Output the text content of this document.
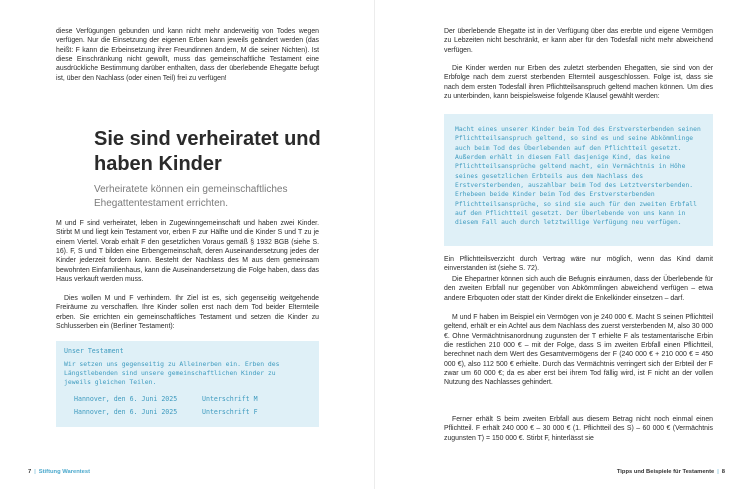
diese Verfügungen gebunden und kann nicht mehr anderweitig von Todes wegen verfügen. Nur die Einsetzung der eigenen Erben kann jeweils geändert werden (das heißt: F kann die Erbeinsetzung ihrer Freundinnen ändern, M die seiner Nichten). Ist diese Einschränkung nicht gewollt, muss das gemeinschaftliche Testament eine ausdrückliche Bestimmung darüber enthalten, dass der überlebende Ehegatte befugt ist, über den Nachlass (oder einen Teil) frei zu verfügen!

Sie sind verheiratet und haben Kinder

Verheiratete können ein gemeinschaftliches Ehegattentestament errichten.

M und F sind verheiratet, leben in Zugewinngemeinschaft und haben zwei Kinder. Stirbt M und liegt kein Testament vor, erben F zur Hälfte und die Kinder S und T zu je einem Viertel. Vorab erhält F den gesetzlichen Voraus gemäß § 1932 BGB (siehe S. 16). F, S und T bilden eine Erbengemeinschaft, deren Auseinandersetzung jedes der Kinder jederzeit fordern kann. Besteht der Nachlass des M aus dem gemeinsam bewohnten Einfamilienhaus, kann die Auseinandersetzung die Folge haben, dass das Haus verkauft werden muss.

Dies wollen M und F verhindern. Ihr Ziel ist es, sich gegenseitig weitgehende Freiräume zu verschaffen. Ihre Kinder sollen erst nach dem Tod beider Elternteile erben. Sie errichten ein gemeinschaftliches Testament und setzen die Kinder zu Schlusserben ein (Berliner Testament):

Unser Testament

Wir setzen uns gegenseitig zu Alleinerben ein. Erben des Längstlebenden sind unsere gemeinschaftlichen Kinder zu jeweils gleichen Teilen.

Hannover, den 6. Juni 2025	Unterschrift M
Hannover, den 6. Juni 2025	Unterschrift F
7 | Stiftung Warentest

Der überlebende Ehegatte ist in der Verfügung über das ererbte und eigene Vermögen zu Lebzeiten nicht beschränkt, er kann aber für den Todesfall nicht mehr abweichend verfügen.

Die Kinder werden nur Erben des zuletzt sterbenden Ehegatten, sie sind von der Erbfolge nach dem zuerst sterbenden Elternteil ausgeschlossen. Folge ist, dass sie nach dem ersten Todesfall ihren Pflichtteilsanspruch geltend machen können. Um dies zu unterbinden, kann beispielsweise folgende Klausel gewählt werden:

Macht eines unserer Kinder beim Tod des Erstversterbenden seinen Pflichtteilsanspruch geltend, so sind es und seine Abkömmlinge auch beim Tod des Überlebenden auf den Pflichtteil gesetzt. Außerdem erhält in diesem Fall dasjenige Kind, das keine Pflichtteilsansprüche geltend macht, ein Vermächtnis in Höhe seines gesetzlichen Erbteils aus dem Nachlass des Erstversterbenden, auszahlbar beim Tod des Letztversterbenden. Erhebeen beide Kinder beim Tod des Erstversterbenden Pflichtteilsansprüche, so sind sie auch für den zweiten Erbfall auf den Pflichtteil gesetzt. Der Überlebende von uns kann in diesem Fall auch durch letztwillige Verfügung neu verfügen.

Ein Pflichtteilsverzicht durch Vertrag wäre nur möglich, wenn das Kind damit einverstanden ist (siehe S. 72).

Die Ehepartner können sich auch die Befugnis einräumen, dass der Überlebende für den zweiten Erbfall nur gegenüber von Abkömmlingen abweichend verfügen – etwa andere Erbquoten oder statt der Kinder direkt die Enkelkinder einsetzen – darf.

M und F haben im Beispiel ein Vermögen von je 240 000 €. Macht S seinen Pflichtteil geltend, erhält er ein Achtel aus dem Nachlass des zuerst versterbenden M, also 30 000 €. Ohne Vermächtnisanordnung zugunsten der T erhielte F als testamentarische Erbin die restlichen 210 000 € – mit der Folge, dass S im zweiten Erbfall einen Pflichtteil, berechnet nach dem Wert des Gesamtvermögens der F (240 000 € + 210 000 € = 450 000 €), also 112 500 € erhielte. Durch das Vermächtnis verringert sich der Erbteil der F zwar um 60 000 €; da es aber erst bei ihrem Tod fällig wird, ist F nicht an der vollen Nutzung des Nachlasses gehindert.

Ferner erhält S beim zweiten Erbfall aus diesem Betrag nicht noch einmal einen Pflichtteil. F erhält 240 000 € – 30 000 € (1. Pflichtteil des S) – 60 000 € (Vermächtnis zugunsten T) = 150 000 €. Stirbt F, hinterlässt sie

Tipps und Beispiele für Testamente | 8
